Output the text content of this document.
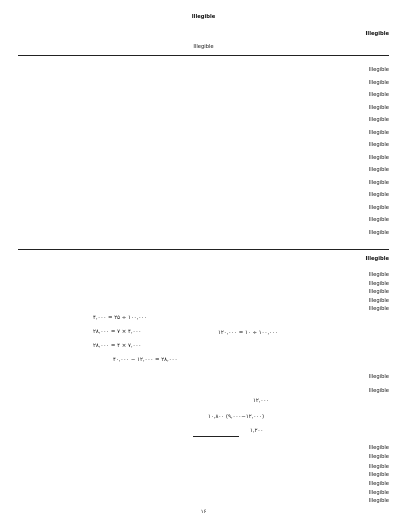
Illegible
Illegible
Illegible
Illegible
Illegible
Illegible
Illegible
Illegible
Illegible
Illegible
Illegible
Illegible
Illegible
Illegible
Illegible
Illegible
Illegible
Illegible
Illegible
Illegible
Illegible
Illegible
Illegible
۴,۰۰۰ = ۲۵ ÷ ۱۰۰,۰۰۰
۲۸,۰۰۰ = ۷ × ۴,۰۰۰	۱۲۰,۰۰۰ = ۱۰ ÷ ۱۰۰,۰۰۰
۲۸,۰۰۰ = ۴ × ۷,۰۰۰
۴۰,۰۰۰ − ۱۲,۰۰۰ = ۲۸,۰۰۰
Illegible
Illegible
۱۲,۰۰۰
۱۰,۸۰۰ (۹,۰۰۰−۱۲,۰۰۰)
۱,۲۰۰
Illegible
Illegible
Illegible
Illegible
Illegible
Illegible
Illegible
۱۶
